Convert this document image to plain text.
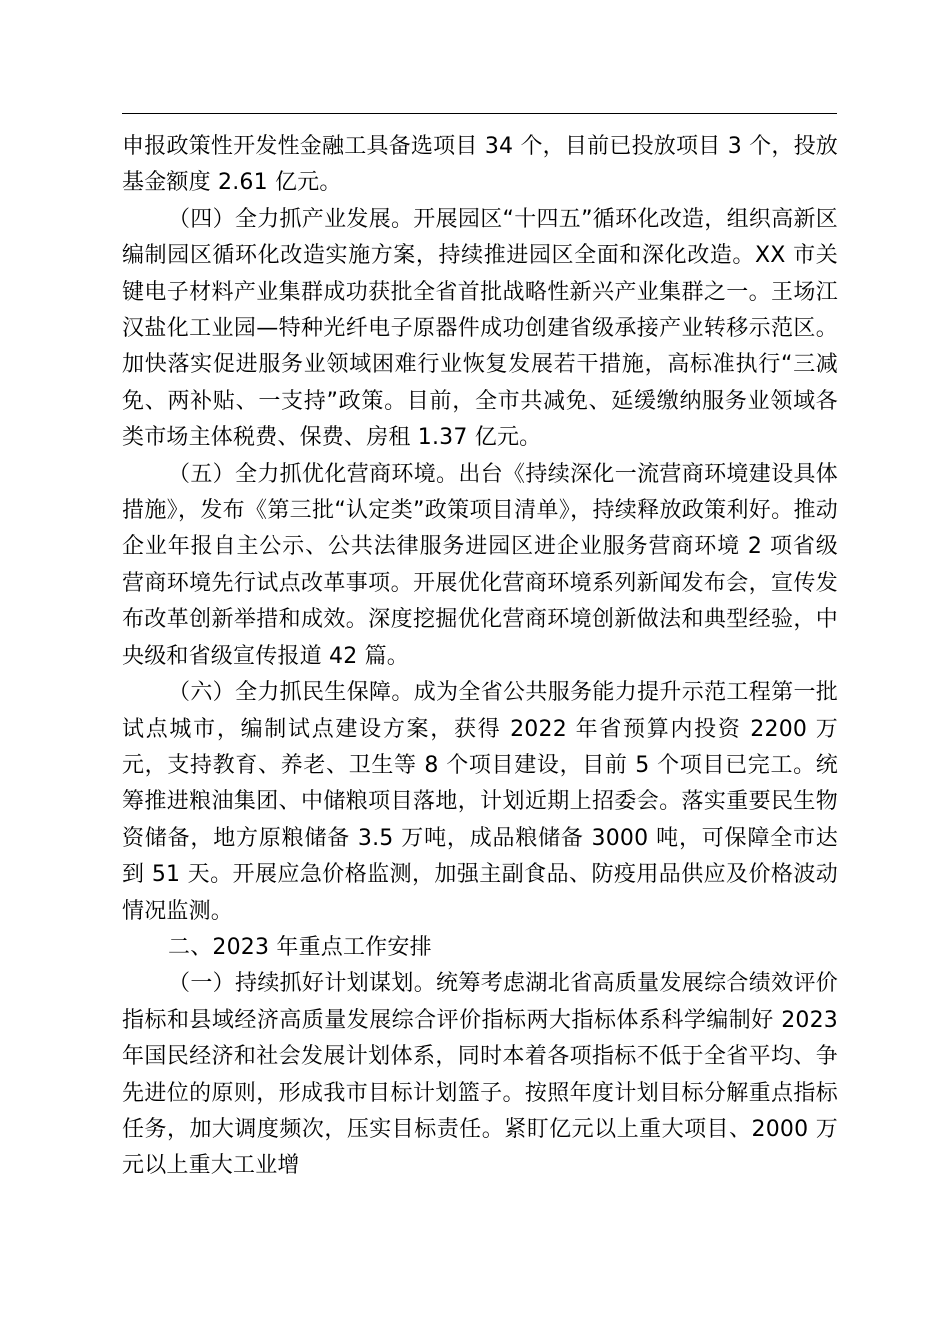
申报政策性开发性金融工具备选项目 34 个，目前已投放项目 3 个，投放基金额度 2.61 亿元。

（四）全力抓产业发展。开展园区“十四五”循环化改造，组织高新区编制园区循环化改造实施方案，持续推进园区全面和深化改造。XX 市关键电子材料产业集群成功获批全省首批战略性新兴产业集群之一。王场江汉盐化工业园—特种光纤电子原器件成功创建省级承接产业转移示范区。加快落实促进服务业领域困难行业恢复发展若干措施，高标准执行“三减免、两补贴、一支持”政策。目前，全市共减免、延缓缴纳服务业领域各类市场主体税费、保费、房租 1.37 亿元。

（五）全力抓优化营商环境。出台《持续深化一流营商环境建设具体措施》，发布《第三批“认定类”政策项目清单》，持续释放政策利好。推动企业年报自主公示、公共法律服务进园区进企业服务营商环境 2 项省级营商环境先行试点改革事项。开展优化营商环境系列新闻发布会，宣传发布改革创新举措和成效。深度挖掘优化营商环境创新做法和典型经验，中央级和省级宣传报道 42 篇。

（六）全力抓民生保障。成为全省公共服务能力提升示范工程第一批试点城市，编制试点建设方案，获得 2022 年省预算内投资 2200 万元，支持教育、养老、卫生等 8 个项目建设，目前 5 个项目已完工。统筹推进粮油集团、中储粮项目落地，计划近期上招委会。落实重要民生物资储备，地方原粮储备 3.5 万吨，成品粮储备 3000 吨，可保障全市达到 51 天。开展应急价格监测，加强主副食品、防疫用品供应及价格波动情况监测。

二、2023 年重点工作安排

（一）持续抓好计划谋划。统筹考虑湖北省高质量发展综合绩效评价指标和县域经济高质量发展综合评价指标两大指标体系科学编制好 2023 年国民经济和社会发展计划体系，同时本着各项指标不低于全省平均、争先进位的原则，形成我市目标计划篮子。按照年度计划目标分解重点指标任务，加大调度频次，压实目标责任。紧盯亿元以上重大项目、2000 万元以上重大工业增
